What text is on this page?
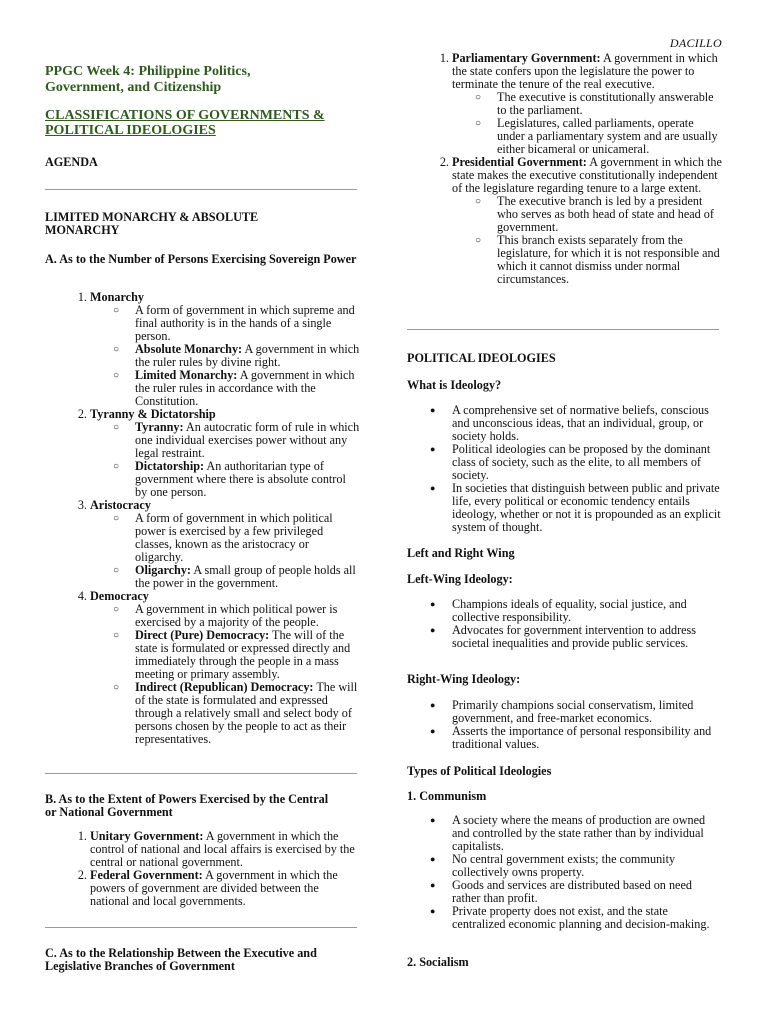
DACILLO

PPGC Week 4: Philippine Politics, Government, and Citizenship

CLASSIFICATIONS OF GOVERNMENTS & POLITICAL IDEOLOGIES

AGENDA

LIMITED MONARCHY & ABSOLUTE MONARCHY

A. As to the Number of Persons Exercising Sovereign Power

1. Monarchy
○ A form of government in which supreme and final authority is in the hands of a single person.
○ Absolute Monarchy: A government in which the ruler rules by divine right.
○ Limited Monarchy: A government in which the ruler rules in accordance with the Constitution.
2. Tyranny & Dictatorship
○ Tyranny: An autocratic form of rule in which one individual exercises power without any legal restraint.
○ Dictatorship: An authoritarian type of government where there is absolute control by one person.
3. Aristocracy
○ A form of government in which political power is exercised by a few privileged classes, known as the aristocracy or oligarchy.
○ Oligarchy: A small group of people holds all the power in the government.
4. Democracy
○ A government in which political power is exercised by a majority of the people.
○ Direct (Pure) Democracy: The will of the state is formulated or expressed directly and immediately through the people in a mass meeting or primary assembly.
○ Indirect (Republican) Democracy: The will of the state is formulated and expressed through a relatively small and select body of persons chosen by the people to act as their representatives.

B. As to the Extent of Powers Exercised by the Central or National Government

1. Unitary Government: A government in which the control of national and local affairs is exercised by the central or national government.
2. Federal Government: A government in which the powers of government are divided between the national and local governments.

C. As to the Relationship Between the Executive and Legislative Branches of Government

1. Parliamentary Government: A government in which the state confers upon the legislature the power to terminate the tenure of the real executive.
○ The executive is constitutionally answerable to the parliament.
○ Legislatures, called parliaments, operate under a parliamentary system and are usually either bicameral or unicameral.
2. Presidential Government: A government in which the state makes the executive constitutionally independent of the legislature regarding tenure to a large extent.
○ The executive branch is led by a president who serves as both head of state and head of government.
○ This branch exists separately from the legislature, for which it is not responsible and which it cannot dismiss under normal circumstances.

POLITICAL IDEOLOGIES

What is Ideology?

● A comprehensive set of normative beliefs, conscious and unconscious ideas, that an individual, group, or society holds.
● Political ideologies can be proposed by the dominant class of society, such as the elite, to all members of society.
● In societies that distinguish between public and private life, every political or economic tendency entails ideology, whether or not it is propounded as an explicit system of thought.

Left and Right Wing

Left-Wing Ideology:

● Champions ideals of equality, social justice, and collective responsibility.
● Advocates for government intervention to address societal inequalities and provide public services.

Right-Wing Ideology:

● Primarily champions social conservatism, limited government, and free-market economics.
● Asserts the importance of personal responsibility and traditional values.

Types of Political Ideologies

1. Communism

● A society where the means of production are owned and controlled by the state rather than by individual capitalists.
● No central government exists; the community collectively owns property.
● Goods and services are distributed based on need rather than profit.
● Private property does not exist, and the state centralized economic planning and decision-making.

2. Socialism
